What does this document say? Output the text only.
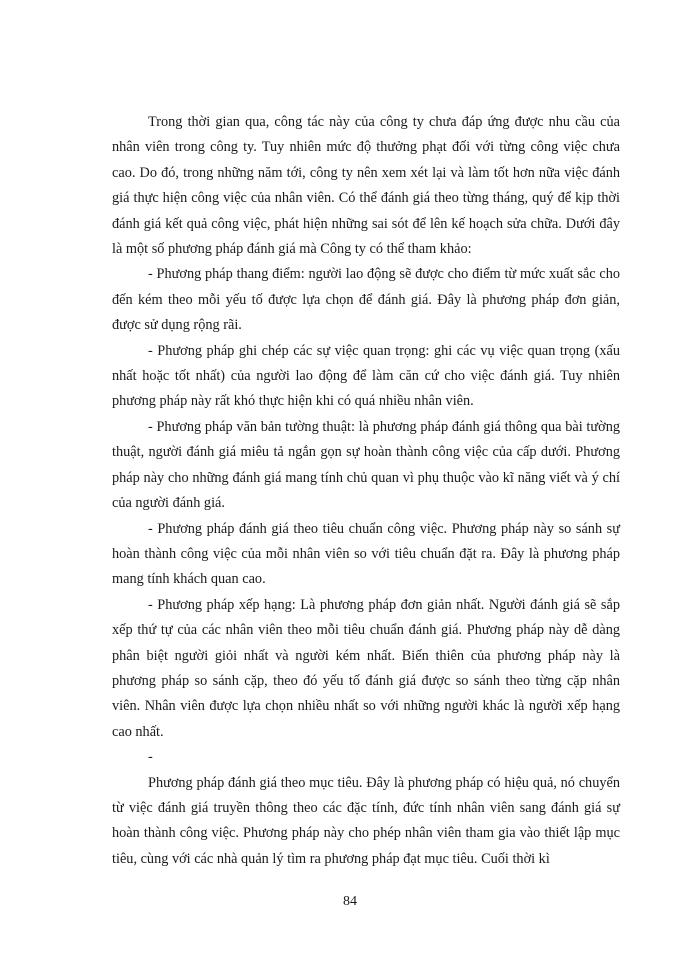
Trong thời gian qua, công tác này của công ty chưa đáp ứng được nhu cầu của nhân viên trong công ty. Tuy nhiên mức độ thưởng phạt đối với từng công việc chưa cao. Do đó, trong những năm tới, công ty nên xem xét lại và làm tốt hơn nữa việc đánh giá thực hiện công việc của nhân viên. Có thể đánh giá theo từng tháng, quý để kịp thời đánh giá kết quả công việc, phát hiện những sai sót để lên kế hoạch sửa chữa. Dưới đây là một số phương pháp đánh giá mà Công ty có thể tham khảo:

- Phương pháp thang điểm: người lao động sẽ được cho điểm từ mức xuất sắc cho đến kém theo mỗi yếu tố được lựa chọn để đánh giá. Đây là phương pháp đơn giản, được sử dụng rộng rãi.

- Phương pháp ghi chép các sự việc quan trọng: ghi các vụ việc quan trọng (xấu nhất hoặc tốt nhất) của người lao động để làm căn cứ cho việc đánh giá. Tuy nhiên phương pháp này rất khó thực hiện khi có quá nhiều nhân viên.

- Phương pháp văn bản tường thuật: là phương pháp đánh giá thông qua bài tường thuật, người đánh giá miêu tả ngắn gọn sự hoàn thành công việc của cấp dưới. Phương pháp này cho những đánh giá mang tính chủ quan vì phụ thuộc vào kĩ năng viết và ý chí của người đánh giá.

- Phương pháp đánh giá theo tiêu chuẩn công việc. Phương pháp này so sánh sự hoàn thành công việc của mỗi nhân viên so với tiêu chuẩn đặt ra. Đây là phương pháp mang tính khách quan cao.

- Phương pháp xếp hạng: Là phương pháp đơn giản nhất. Người đánh giá sẽ sắp xếp thứ tự của các nhân viên theo mỗi tiêu chuẩn đánh giá. Phương pháp này dễ dàng phân biệt người giỏi nhất và người kém nhất. Biến thiên của phương pháp này là phương pháp so sánh cặp, theo đó yếu tố đánh giá được so sánh theo từng cặp nhân viên. Nhân viên được lựa chọn nhiều nhất so với những người khác là người xếp hạng cao nhất.

-

Phương pháp đánh giá theo mục tiêu. Đây là phương pháp có hiệu quả, nó chuyển từ việc đánh giá truyền thông theo các đặc tính, đức tính nhân viên sang đánh giá sự hoàn thành công việc. Phương pháp này cho phép nhân viên tham gia vào thiết lập mục tiêu, cùng với các nhà quản lý tìm ra phương pháp đạt mục tiêu. Cuối thời kì

84
